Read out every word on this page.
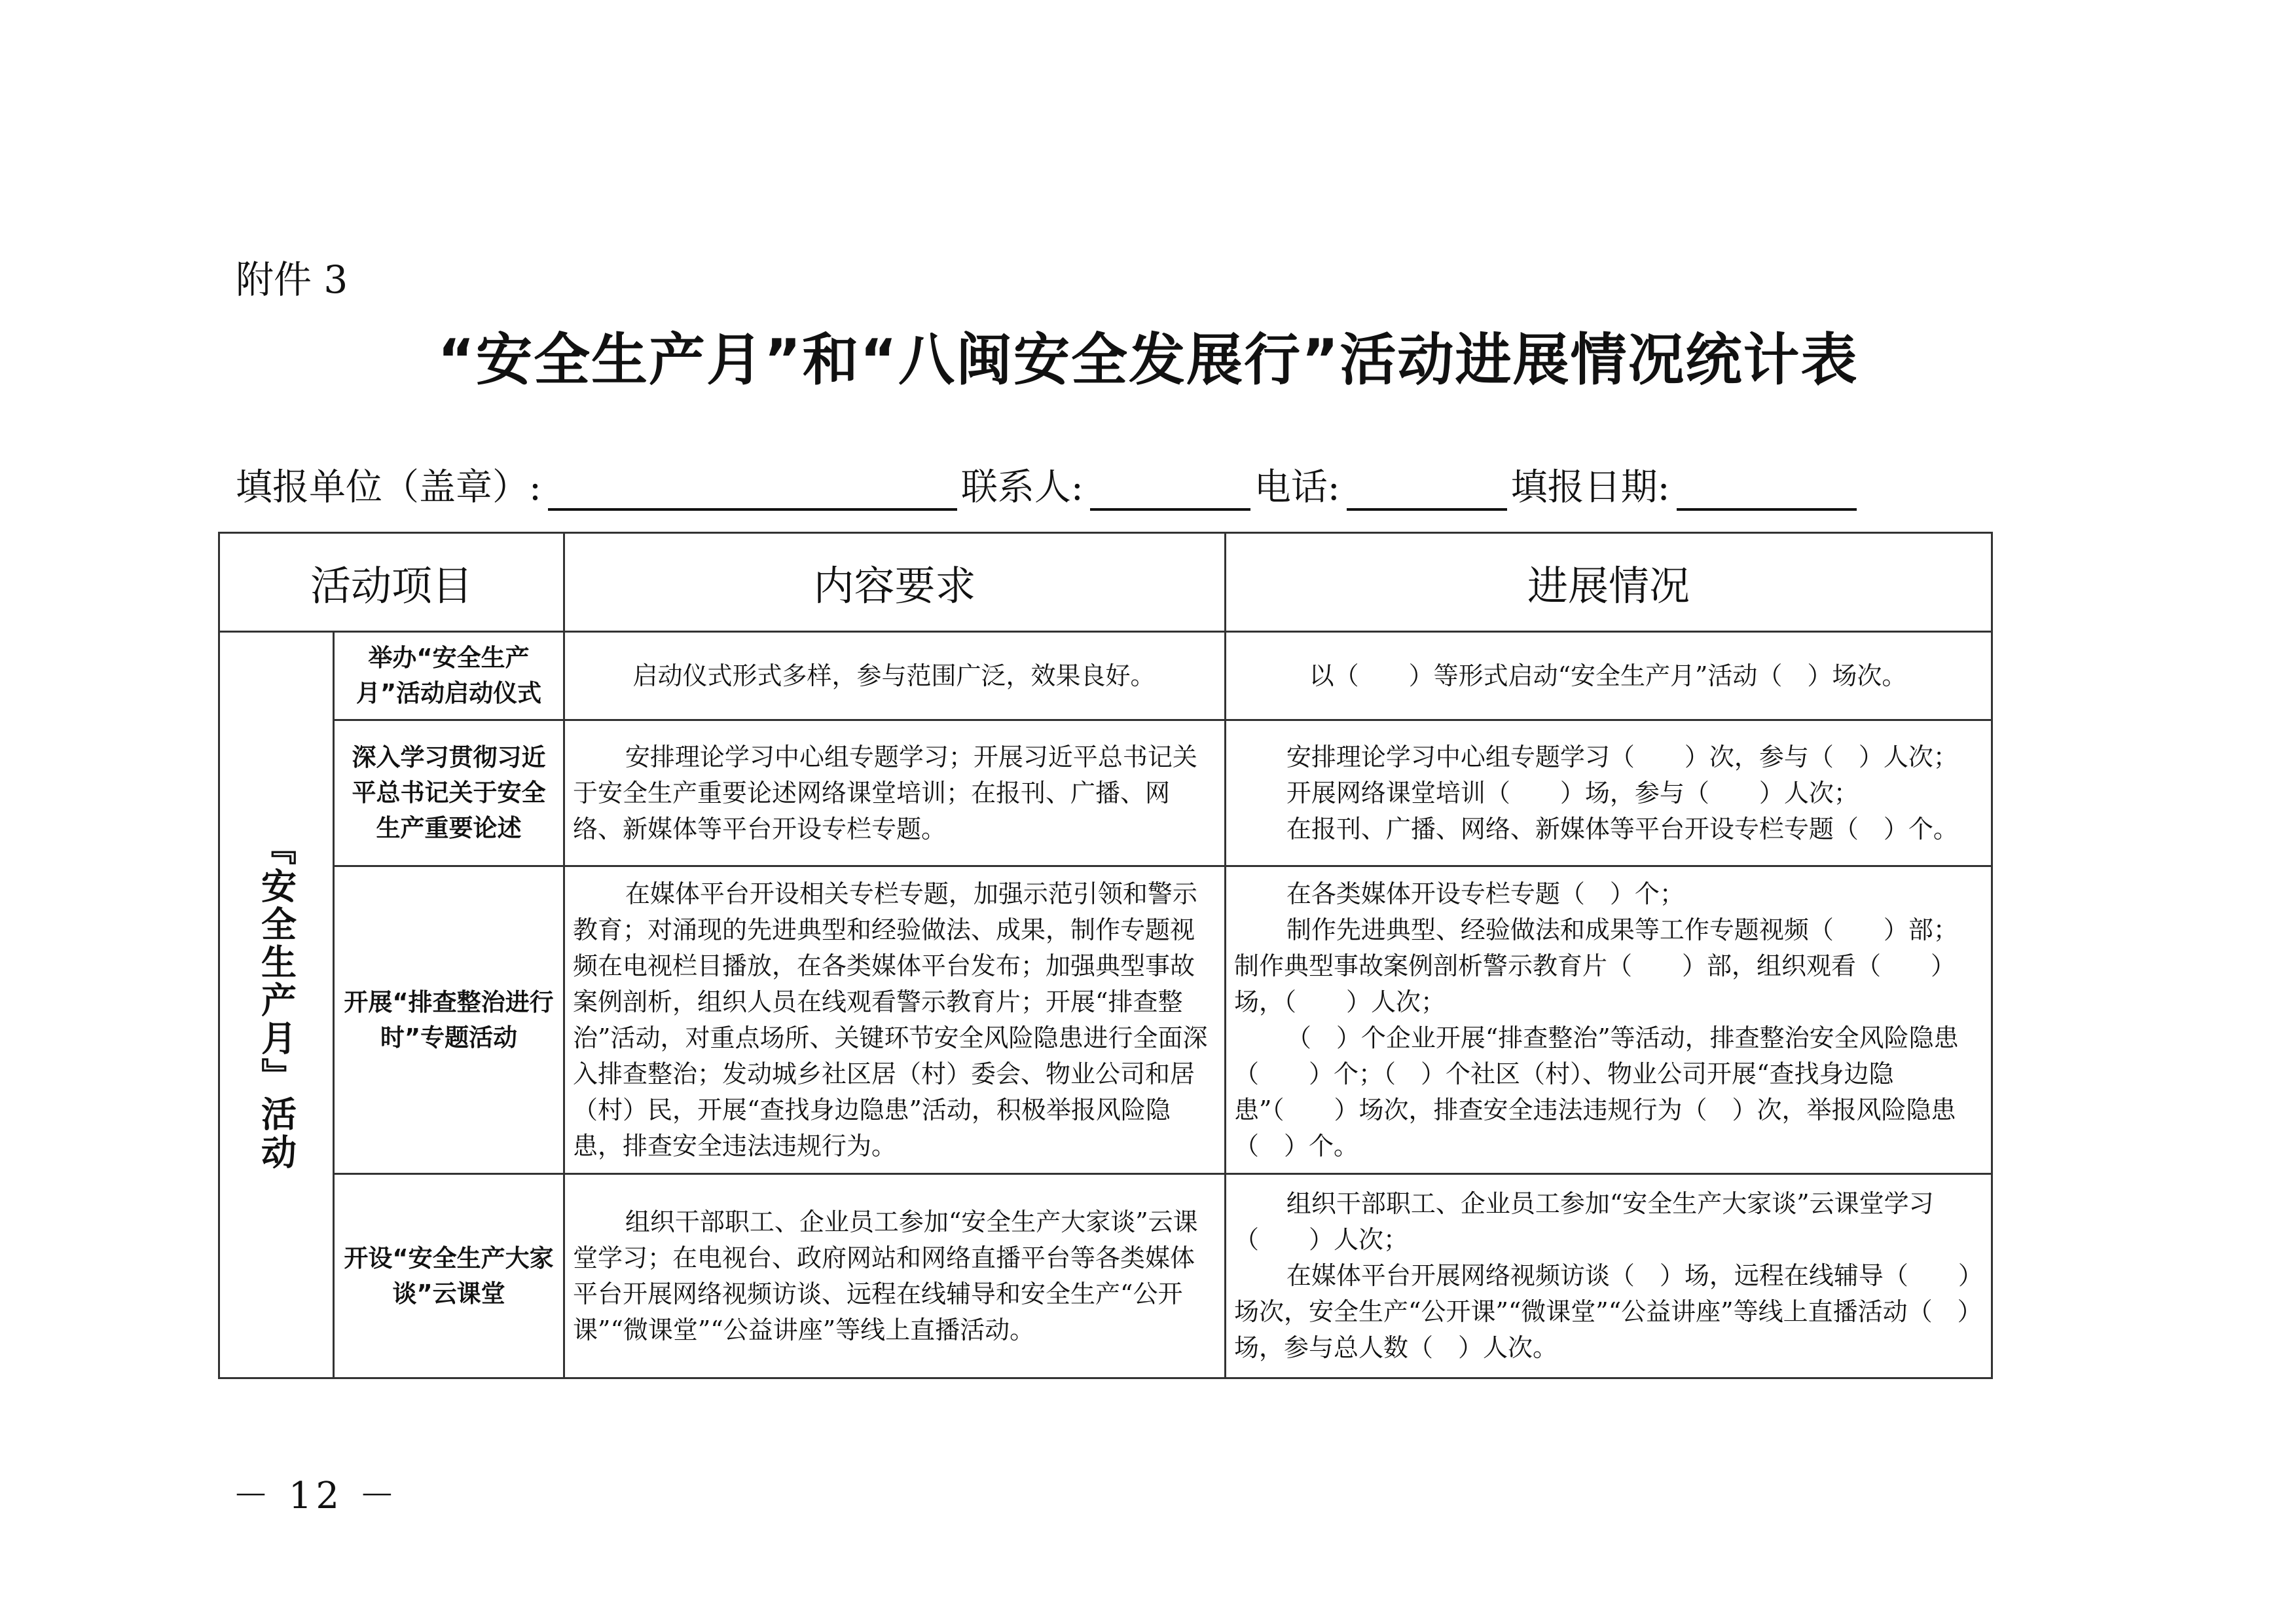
附件 3
“安全生产月”和“八闽安全发展行”活动进展情况统计表
填报单位（盖章）:	联系人:	电话:	填报日期:
活动项目		内容要求	进展情况
『安全生产月』活动	举办“安全生产月”活动启动仪式	启动仪式形式多样，参与范围广泛，效果良好。	以（　　）等形式启动“安全生产月”活动（　）场次。

	深入学习贯彻习近平总书记关于安全生产重要论述	安排理论学习中心组专题学习；开展习近平总书记关于安全生产重要论述网络课堂培训；在报刊、广播、网络、新媒体等平台开设专栏专题。	安排理论学习中心组专题学习（　　）次，参与（　）人次；

开展网络课堂培训（　　）场，参与（　　）人次；

在报刊、广播、网络、新媒体等平台开设专栏专题（　）个。

	开展“排查整治进行时”专题活动	在媒体平台开设相关专栏专题，加强示范引领和警示教育；对涌现的先进典型和经验做法、成果，制作专题视频在电视栏目播放，在各类媒体平台发布；加强典型事故案例剖析，组织人员在线观看警示教育片；开展“排查整治”活动，对重点场所、关键环节安全风险隐患进行全面深入排查整治；发动城乡社区居（村）委会、物业公司和居（村）民，开展“查找身边隐患”活动，积极举报风险隐患，排查安全违法违规行为。	在各类媒体开设专栏专题（　）个；

制作先进典型、经验做法和成果等工作专题视频（　　）部；制作典型事故案例剖析警示教育片（　　）部，组织观看（　　）场，（　　）人次；

（　）个企业开展“排查整治”等活动，排查整治安全风险隐患（　　）个；（　）个社区（村）、物业公司开展“查找身边隐患”（　　）场次，排查安全违法违规行为（　）次，举报风险隐患（　）个。

	开设“安全生产大家谈”云课堂	组织干部职工、企业员工参加“安全生产大家谈”云课堂学习；在电视台、政府网站和网络直播平台等各类媒体平台开展网络视频访谈、远程在线辅导和安全生产“公开课”“微课堂”“公益讲座”等线上直播活动。	组织干部职工、企业员工参加“安全生产大家谈”云课堂学习（　　）人次；

在媒体平台开展网络视频访谈（　）场，远程在线辅导（　　）场次，安全生产“公开课”“微课堂”“公益讲座”等线上直播活动（　）场，参与总人数（　）人次。

－ 12 －
